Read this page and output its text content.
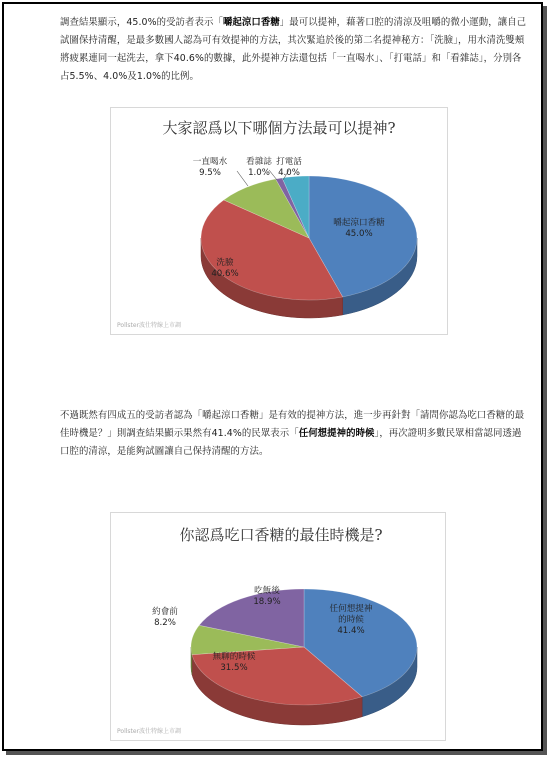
調查結果顯示，45.0%的受訪者表示「嚼起涼口香糖」最可以提神，藉著口腔的清涼及咀嚼的微小運動，讓自己試圖保持清醒，是最多數國人認為可有效提神的方法，其次緊追於後的第二名提神秘方：「洗臉」，用水清洗雙頰將疲累連同一起洗去，拿下40.6%的數據，此外提神方法還包括「一直喝水」、「打電話」和「看雜誌」，分別各占5.5%、4.0%及1.0%的比例。

大家認爲以下哪個方法最可以提神?
嚼起涼口香糖
45.0%
洗臉
40.6%
一直喝水
9.5%
看雜誌
1.0%
打電話
4.0%
Pollster波仕特線上市調

不過既然有四成五的受訪者認為「嚼起涼口香糖」是有效的提神方法，進一步再針對「請問你認為吃口香糖的最佳時機是？」則調查結果顯示果然有41.4%的民眾表示「任何想提神的時候」，再次證明多數民眾相當認同透過口腔的清涼，是能夠試圖讓自己保持清醒的方法。

你認爲吃口香糖的最佳時機是?
任何想提神
的時候
41.4%
無聊的時候
31.5%
約會前
8.2%
吃飯後
18.9%
Pollster波仕特線上市調
